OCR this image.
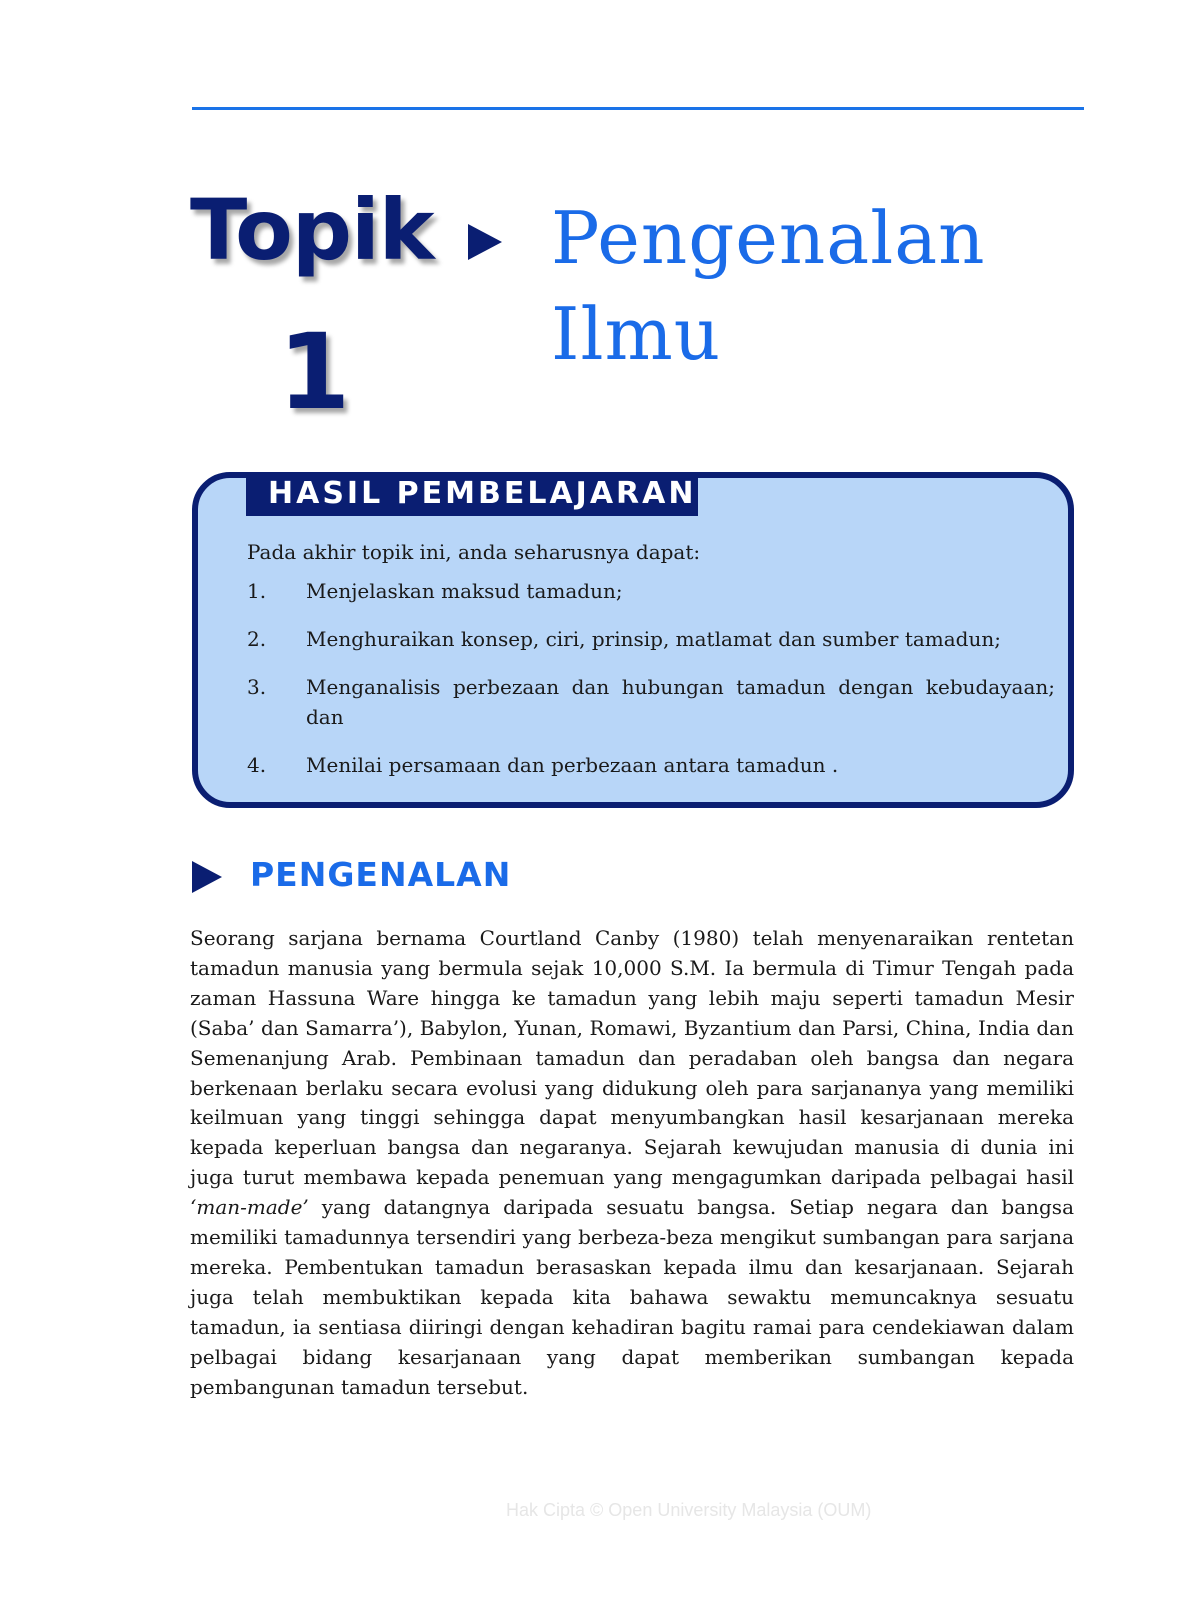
Topik
1
Pengenalan
Ilmu
HASIL PEMBELAJARAN
Pada akhir topik ini, anda seharusnya dapat:
1. Menjelaskan maksud tamadun;
2. Menghuraikan konsep, ciri, prinsip, matlamat dan sumber tamadun;
3. Menganalisis perbezaan dan hubungan tamadun dengan kebudayaan; dan
4. Menilai persamaan dan perbezaan antara tamadun .
PENGENALAN
Seorang sarjana bernama Courtland Canby (1980) telah menyenaraikan rentetan tamadun manusia yang bermula sejak 10,000 S.M. Ia bermula di Timur Tengah pada zaman Hassuna Ware hingga ke tamadun yang lebih maju seperti tamadun Mesir (Saba’ dan Samarra’), Babylon, Yunan, Romawi, Byzantium dan Parsi, China, India dan Semenanjung Arab. Pembinaan tamadun dan peradaban oleh bangsa dan negara berkenaan berlaku secara evolusi yang didukung oleh para sarjananya yang memiliki keilmuan yang tinggi sehingga dapat menyumbangkan hasil kesarjanaan mereka kepada keperluan bangsa dan negaranya. Sejarah kewujudan manusia di dunia ini juga turut membawa kepada penemuan yang mengagumkan daripada pelbagai hasil ‘man-made’ yang datangnya daripada sesuatu bangsa. Setiap negara dan bangsa memiliki tamadunnya tersendiri yang berbeza-beza mengikut sumbangan para sarjana mereka. Pembentukan tamadun berasaskan kepada ilmu dan kesarjanaan. Sejarah juga telah membuktikan kepada kita bahawa sewaktu memuncaknya sesuatu tamadun, ia sentiasa diiringi dengan kehadiran bagitu ramai para cendekiawan dalam pelbagai bidang kesarjanaan yang dapat memberikan sumbangan kepada pembangunan tamadun tersebut.
Hak Cipta © Open University Malaysia (OUM)
